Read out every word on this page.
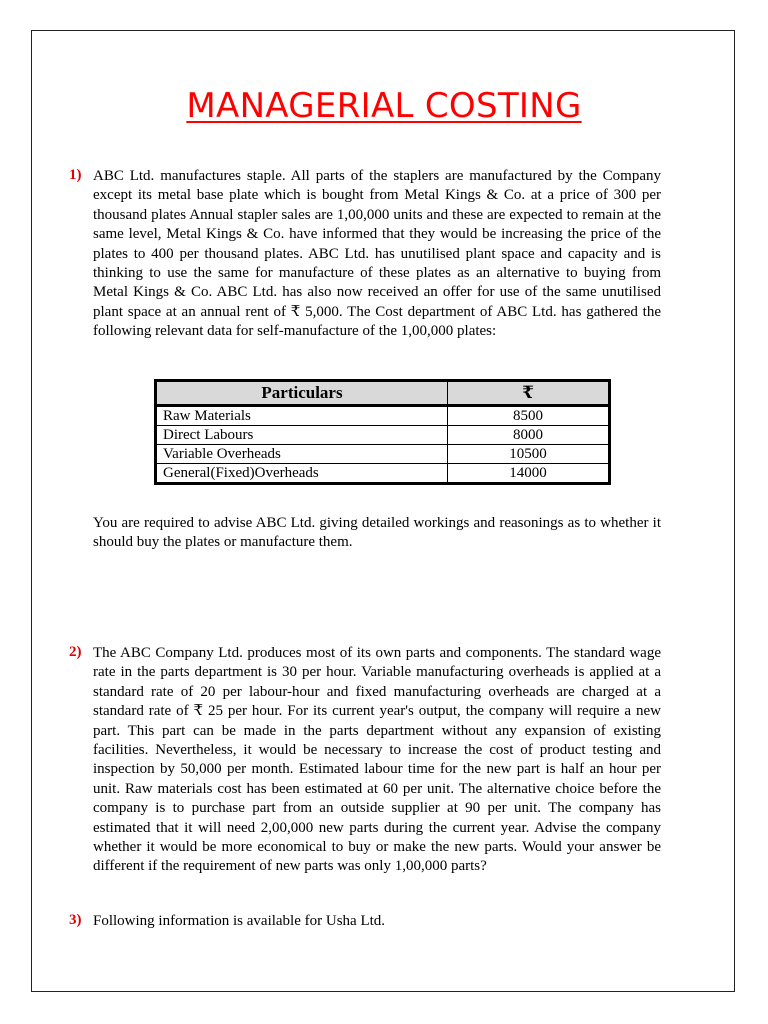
MANAGERIAL COSTING
1) ABC Ltd. manufactures staple. All parts of the staplers are manufactured by the Company except its metal base plate which is bought from Metal Kings & Co. at a price of 300 per thousand plates Annual stapler sales are 1,00,000 units and these are expected to remain at the same level, Metal Kings & Co. have informed that they would be increasing the price of the plates to 400 per thousand plates. ABC Ltd. has unutilised plant space and capacity and is thinking to use the same for manufacture of these plates as an alternative to buying from Metal Kings & Co. ABC Ltd. has also now received an offer for use of the same unutilised plant space at an annual rent of ₹ 5,000. The Cost department of ABC Ltd. has gathered the following relevant data for self-manufacture of the 1,00,000 plates:
Particulars	₹
Raw Materials	8500
Direct Labours	8000
Variable Overheads	10500
General(Fixed)Overheads	14000
You are required to advise ABC Ltd. giving detailed workings and reasonings as to whether it should buy the plates or manufacture them.
2) The ABC Company Ltd. produces most of its own parts and components. The standard wage rate in the parts department is 30 per hour. Variable manufacturing overheads is applied at a standard rate of 20 per labour-hour and fixed manufacturing overheads are charged at a standard rate of ₹ 25 per hour. For its current year's output, the company will require a new part. This part can be made in the parts department without any expansion of existing facilities. Nevertheless, it would be necessary to increase the cost of product testing and inspection by 50,000 per month. Estimated labour time for the new part is half an hour per unit. Raw materials cost has been estimated at 60 per unit. The alternative choice before the company is to purchase part from an outside supplier at 90 per unit. The company has estimated that it will need 2,00,000 new parts during the current year. Advise the company whether it would be more economical to buy or make the new parts. Would your answer be different if the requirement of new parts was only 1,00,000 parts?
3) Following information is available for Usha Ltd.
